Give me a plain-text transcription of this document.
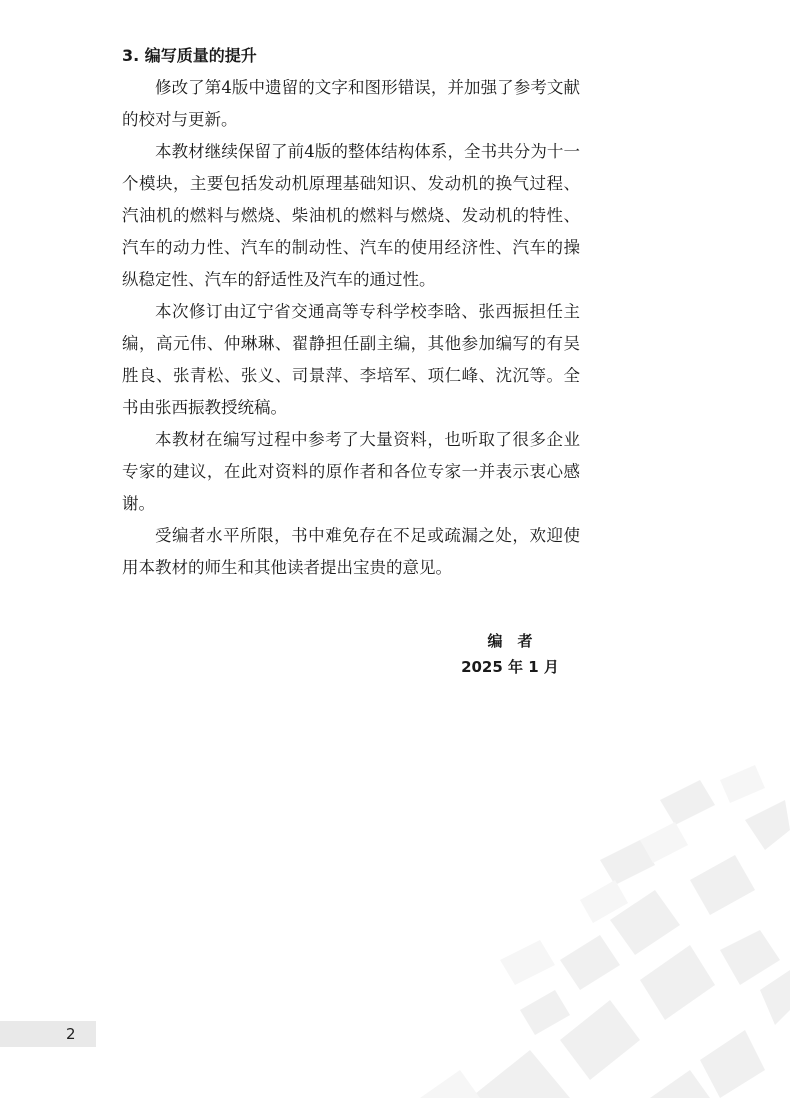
3. 编写质量的提升

修改了第4版中遗留的文字和图形错误，并加强了参考文献的校对与更新。

本教材继续保留了前4版的整体结构体系，全书共分为十一个模块，主要包括发动机原理基础知识、发动机的换气过程、汽油机的燃料与燃烧、柴油机的燃料与燃烧、发动机的特性、汽车的动力性、汽车的制动性、汽车的使用经济性、汽车的操纵稳定性、汽车的舒适性及汽车的通过性。

本次修订由辽宁省交通高等专科学校李晗、张西振担任主编，高元伟、仲琳琳、翟静担任副主编，其他参加编写的有吴胜良、张青松、张义、司景萍、李培军、项仁峰、沈沉等。全书由张西振教授统稿。

本教材在编写过程中参考了大量资料，也听取了很多企业专家的建议，在此对资料的原作者和各位专家一并表示衷心感谢。

受编者水平所限，书中难免存在不足或疏漏之处，欢迎使用本教材的师生和其他读者提出宝贵的意见。

编　者
2025 年 1 月
2
